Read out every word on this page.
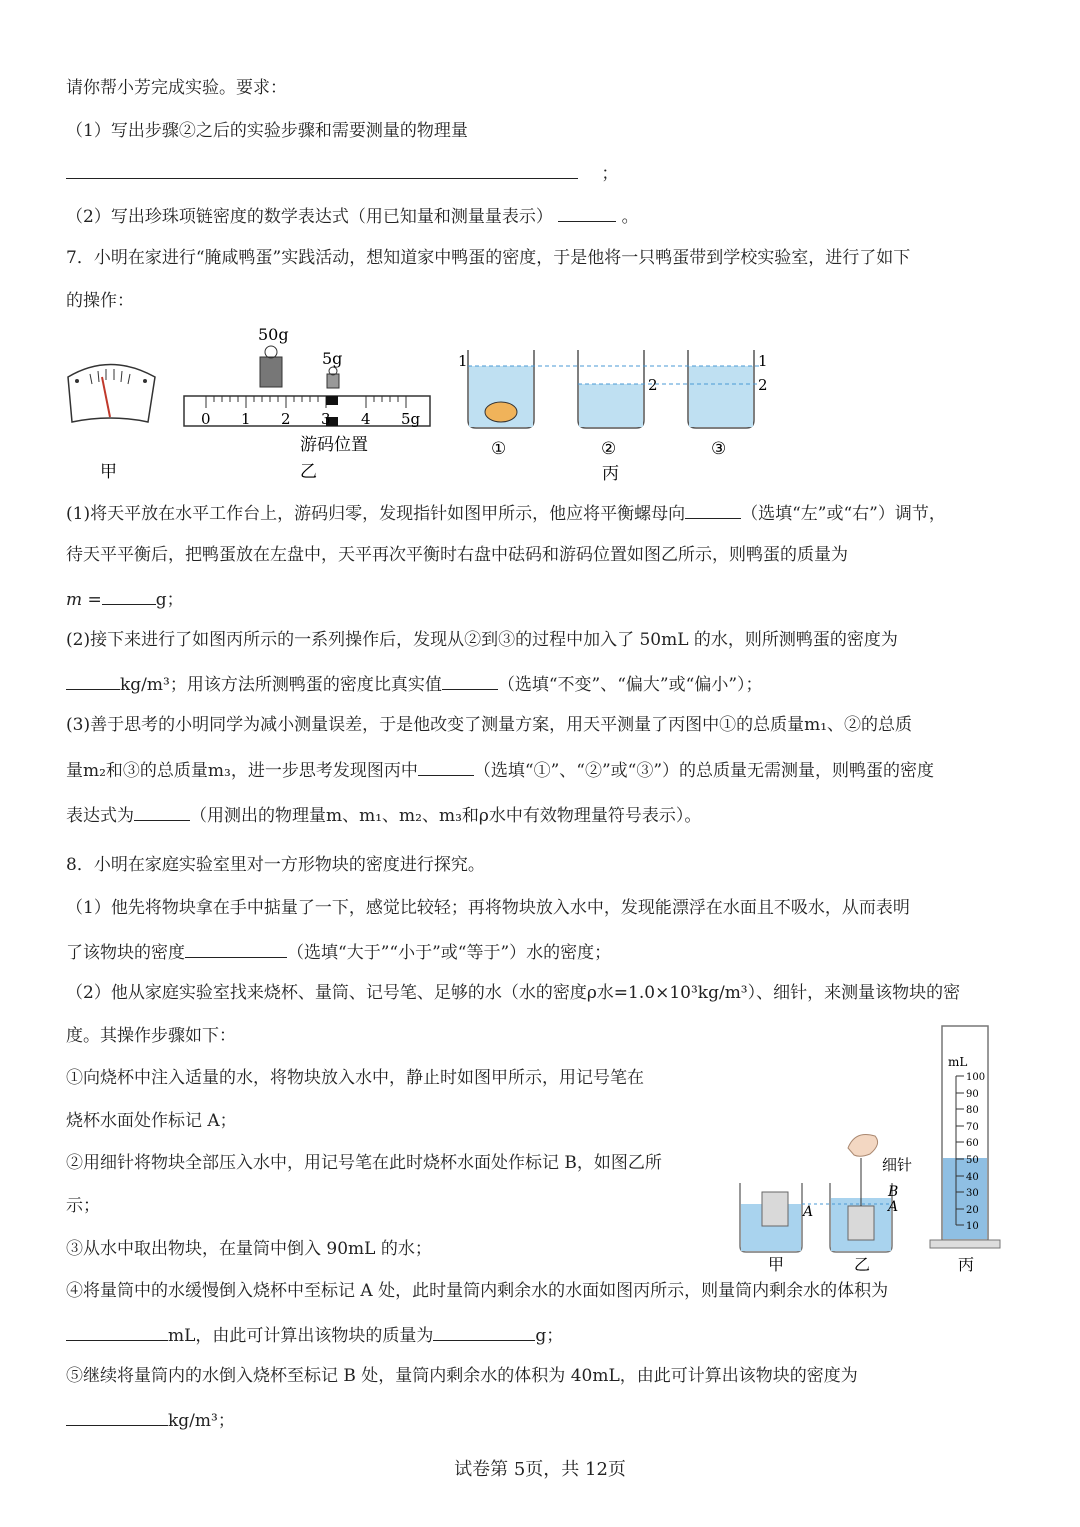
请你帮小芳完成实验。要求：
（1）写出步骤②之后的实验步骤和需要测量的物理量
；
（2）写出珍珠项链密度的数学表达式（用已知量和测量量表示）	。
7．小明在家进行“腌咸鸭蛋”实践活动，想知道家中鸭蛋的密度，于是他将一只鸭蛋带到学校实验室，进行了如下
的操作：
甲
0 1 2 3 4 5g
50g
5g
游码位置
乙
1
2
1
2
①	②	③
丙
(1)将天平放在水平工作台上，游码归零，发现指针如图甲所示，他应将平衡螺母向	（选填“左”或“右”）调节，
待天平平衡后，把鸭蛋放在左盘中，天平再次平衡时右盘中砝码和游码位置如图乙所示，则鸭蛋的质量为
m =	g；
(2)接下来进行了如图丙所示的一系列操作后，发现从②到③的过程中加入了 50mL 的水，则所测鸭蛋的密度为
kg/m³；用该方法所测鸭蛋的密度比真实值	（选填“不变”、“偏大”或“偏小”）；
(3)善于思考的小明同学为减小测量误差，于是他改变了测量方案，用天平测量了丙图中①的总质量m₁、②的总质
量m₂和③的总质量m₃，进一步思考发现图丙中	（选填“①”、“②”或“③”）的总质量无需测量，则鸭蛋的密度
表达式为	（用测出的物理量m、m₁、m₂、m₃和ρ水中有效物理量符号表示）。
8．小明在家庭实验室里对一方形物块的密度进行探究。
（1）他先将物块拿在手中掂量了一下，感觉比较轻；再将物块放入水中，发现能漂浮在水面且不吸水，从而表明
了该物块的密度	（选填“大于”“小于”或“等于”）水的密度；
（2）他从家庭实验室找来烧杯、量筒、记号笔、足够的水（水的密度ρ水=1.0×10³kg/m³）、细针，来测量该物块的密
度。其操作步骤如下：
①向烧杯中注入适量的水，将物块放入水中，静止时如图甲所示，用记号笔在
烧杯水面处作标记 A；
②用细针将物块全部压入水中，用记号笔在此时烧杯水面处作标记 B，如图乙所
示；
③从水中取出物块，在量筒中倒入 90mL 的水；
④将量筒中的水缓慢倒入烧杯中至标记 A 处，此时量筒内剩余水的水面如图丙所示，则量筒内剩余水的体积为
mL，由此可计算出该物块的质量为	g；
⑤继续将量筒内的水倒入烧杯至标记 B 处，量筒内剩余水的体积为 40mL，由此可计算出该物块的密度为
kg/m³；
细针
A
B
A
mL
100
90
80
70
60
50
40
30
20
10
甲	乙	丙
试卷第 5页，共 12页
